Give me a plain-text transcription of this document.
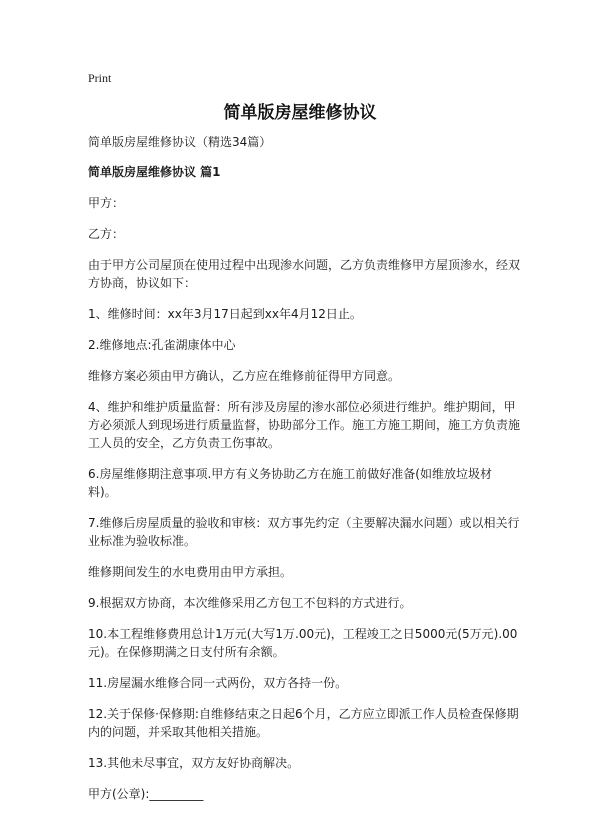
Print
简单版房屋维修协议

简单版房屋维修协议（精选34篇）

简单版房屋维修协议 篇1

甲方：

乙方：

由于甲方公司屋顶在使用过程中出现渗水问题，乙方负责维修甲方屋顶渗水，经双方协商，协议如下：

1、维修时间：xx年3月17日起到xx年4月12日止。

2.维修地点:孔雀湖康体中心

维修方案必须由甲方确认，乙方应在维修前征得甲方同意。

4、维护和维护质量监督：所有涉及房屋的渗水部位必须进行维护。维护期间，甲方必须派人到现场进行质量监督，协助部分工作。施工方施工期间，施工方负责施工人员的安全，乙方负责工伤事故。

6.房屋维修期注意事项.甲方有义务协助乙方在施工前做好准备(如维放垃圾材料)。

7.维修后房屋质量的验收和审核：双方事先约定（主要解决漏水问题）或以相关行业标准为验收标准。

维修期间发生的水电费用由甲方承担。

9.根据双方协商，本次维修采用乙方包工不包料的方式进行。

10.本工程维修费用总计1万元(大写1万.00元)，工程竣工之日5000元(5万元).00元)。在保修期满之日支付所有余额。

11.房屋漏水维修合同一式两份，双方各持一份。

12.关于保修·保修期:自维修结束之日起6个月，乙方应立即派工作人员检查保修期内的问题，并采取其他相关措施。

13.其他未尽事宜，双方友好协商解决。

甲方(公章):_________
